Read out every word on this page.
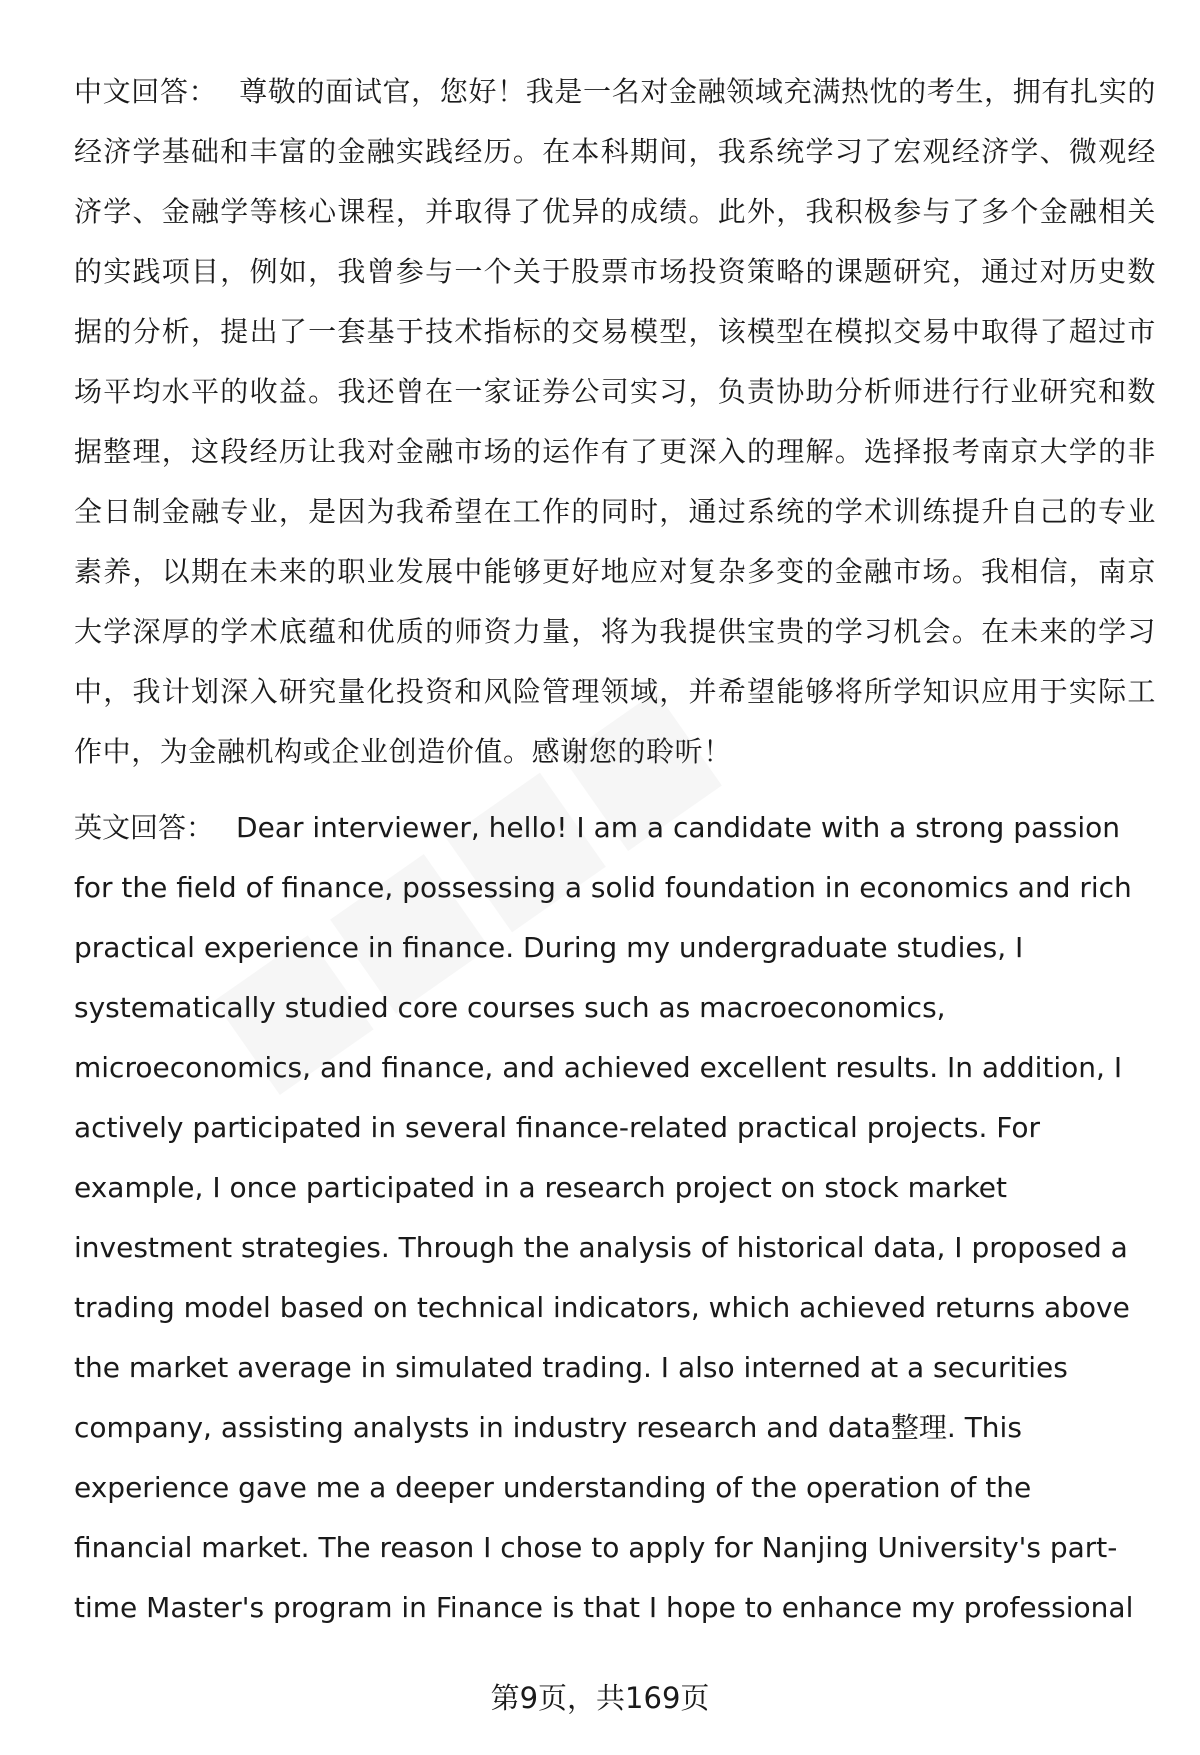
中文回答： 尊敬的面试官，您好！我是一名对金融领域充满热忱的考生，拥有扎实的经济学基础和丰富的金融实践经历。在本科期间，我系统学习了宏观经济学、微观经济学、金融学等核心课程，并取得了优异的成绩。此外，我积极参与了多个金融相关的实践项目，例如，我曾参与一个关于股票市场投资策略的课题研究，通过对历史数据的分析，提出了一套基于技术指标的交易模型，该模型在模拟交易中取得了超过市场平均水平的收益。我还曾在一家证券公司实习，负责协助分析师进行行业研究和数据整理，这段经历让我对金融市场的运作有了更深入的理解。选择报考南京大学的非全日制金融专业，是因为我希望在工作的同时，通过系统的学术训练提升自己的专业素养，以期在未来的职业发展中能够更好地应对复杂多变的金融市场。我相信，南京大学深厚的学术底蕴和优质的师资力量，将为我提供宝贵的学习机会。在未来的学习中，我计划深入研究量化投资和风险管理领域，并希望能够将所学知识应用于实际工作中，为金融机构或企业创造价值。感谢您的聆听！

英文回答： Dear interviewer, hello! I am a candidate with a strong passion for the field of finance, possessing a solid foundation in economics and rich practical experience in finance. During my undergraduate studies, I systematically studied core courses such as macroeconomics, microeconomics, and finance, and achieved excellent results. In addition, I actively participated in several finance-related practical projects. For example, I once participated in a research project on stock market investment strategies. Through the analysis of historical data, I proposed a trading model based on technical indicators, which achieved returns above the market average in simulated trading. I also interned at a securities company, assisting analysts in industry research and data整理. This experience gave me a deeper understanding of the operation of the financial market. The reason I chose to apply for Nanjing University's part-time Master's program in Finance is that I hope to enhance my professional

第9页，共169页
